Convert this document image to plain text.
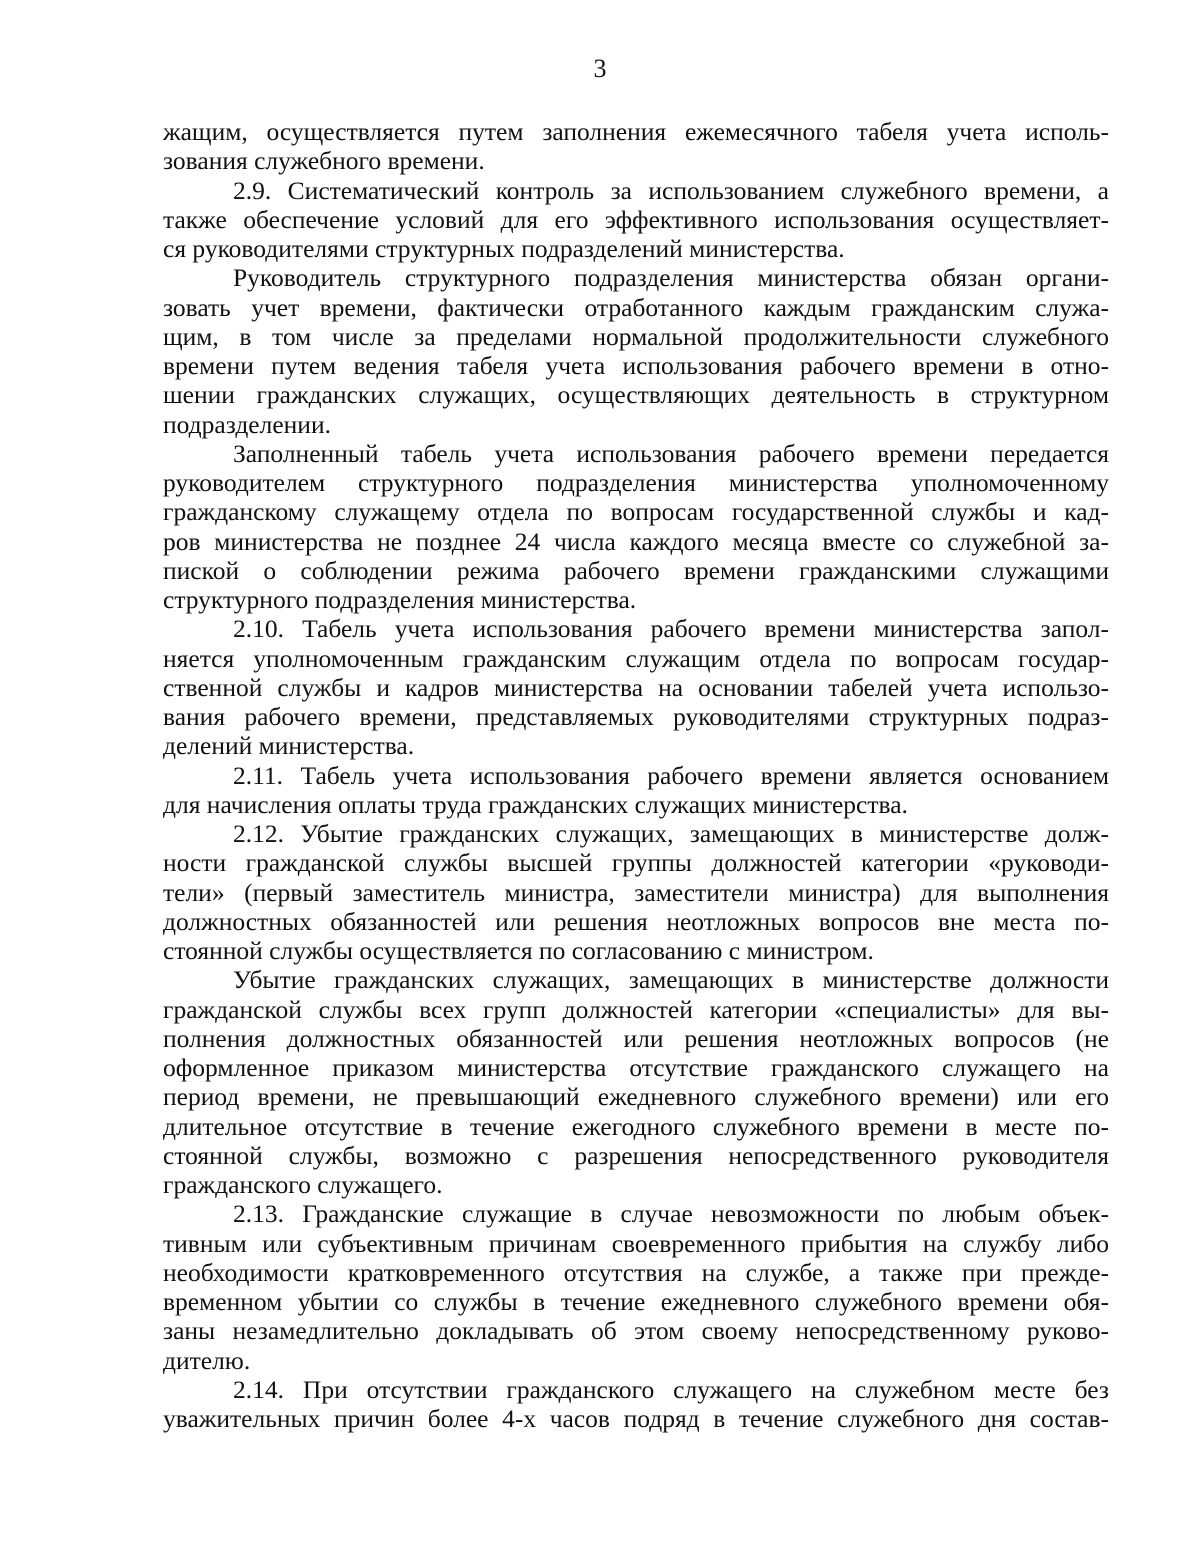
3
жащим, осуществляется путем заполнения ежемесячного табеля учета исполь-
зования служебного времени.
2.9. Систематический контроль за использованием служебного времени, а
также обеспечение условий для его эффективного использования осуществляет-
ся руководителями структурных подразделений министерства.
Руководитель структурного подразделения министерства обязан органи-
зовать учет времени, фактически отработанного каждым гражданским служа-
щим, в том числе за пределами нормальной продолжительности служебного
времени путем ведения табеля учета использования рабочего времени в отно-
шении гражданских служащих, осуществляющих деятельность в структурном
подразделении.
Заполненный табель учета использования рабочего времени передается
руководителем структурного подразделения министерства уполномоченному
гражданскому служащему отдела по вопросам государственной службы и кад-
ров министерства не позднее 24 числа каждого месяца вместе со служебной за-
пиской о соблюдении режима рабочего времени гражданскими служащими
структурного подразделения министерства.
2.10. Табель учета использования рабочего времени министерства запол-
няется уполномоченным гражданским служащим отдела по вопросам государ-
ственной службы и кадров министерства на основании табелей учета использо-
вания рабочего времени, представляемых руководителями структурных подраз-
делений министерства.
2.11. Табель учета использования рабочего времени является основанием
для начисления оплаты труда гражданских служащих министерства.
2.12. Убытие гражданских служащих, замещающих в министерстве долж-
ности гражданской службы высшей группы должностей категории «руководи-
тели» (первый заместитель министра, заместители министра) для выполнения
должностных обязанностей или решения неотложных вопросов вне места по-
стоянной службы осуществляется по согласованию с министром.
Убытие гражданских служащих, замещающих в министерстве должности
гражданской службы всех групп должностей категории «специалисты» для вы-
полнения должностных обязанностей или решения неотложных вопросов (не
оформленное приказом министерства отсутствие гражданского служащего на
период времени, не превышающий ежедневного служебного времени) или его
длительное отсутствие в течение ежегодного служебного времени в месте по-
стоянной службы, возможно с разрешения непосредственного руководителя
гражданского служащего.
2.13. Гражданские служащие в случае невозможности по любым объек-
тивным или субъективным причинам своевременного прибытия на службу либо
необходимости кратковременного отсутствия на службе, а также при прежде-
временном убытии со службы в течение ежедневного служебного времени обя-
заны незамедлительно докладывать об этом своему непосредственному руково-
дителю.
2.14. При отсутствии гражданского служащего на служебном месте без
уважительных причин более 4-х часов подряд в течение служебного дня состав-
